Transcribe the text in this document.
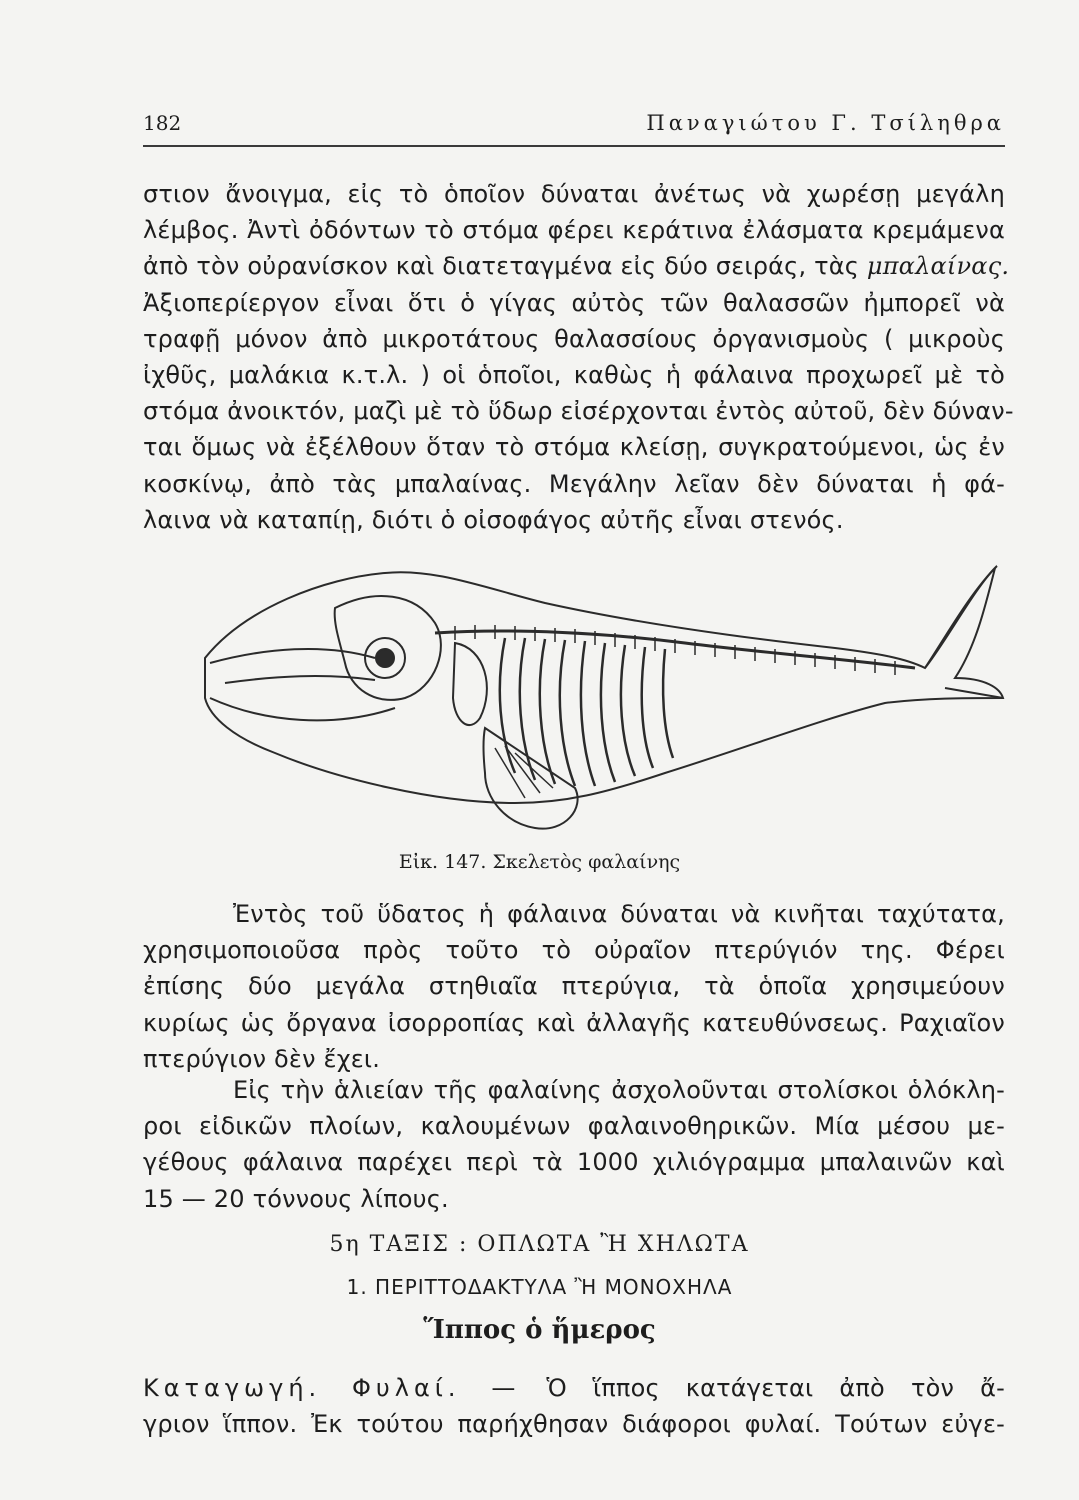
182	Παναγιώτου Γ. Τσίληθρα
στιον ἄνοιγμα, εἰς τὸ ὁποῖον δύναται ἀνέτως νὰ χωρέσῃ μεγάλη
λέμβος. Ἀντὶ ὀδόντων τὸ στόμα φέρει κεράτινα ἐλάσματα κρεμάμενα
ἀπὸ τὸν οὐρανίσκον καὶ διατεταγμένα εἰς δύο σειράς, τὰς μπαλαίνας.
Ἀξιοπερίεργον εἶναι ὅτι ὁ γίγας αὐτὸς τῶν θαλασσῶν ἠμπορεῖ νὰ
τραφῇ μόνον ἀπὸ μικροτάτους θαλασσίους ὀργανισμοὺς ( μικροὺς
ἰχθῦς, μαλάκια κ.τ.λ. ) οἱ ὁποῖοι, καθὼς ἡ φάλαινα προχωρεῖ μὲ τὸ
στόμα ἀνοικτόν, μαζὶ μὲ τὸ ὕδωρ εἰσέρχονται ἐντὸς αὐτοῦ, δὲν δύναν-
ται ὅμως νὰ ἐξέλθουν ὅταν τὸ στόμα κλείσῃ, συγκρατούμενοι, ὡς ἐν
κοσκίνῳ, ἀπὸ τὰς μπαλαίνας. Μεγάλην λεῖαν δὲν δύναται ἡ φά-
λαινα νὰ καταπίῃ, διότι ὁ οἰσοφάγος αὐτῆς εἶναι στενός.
Εἰκ. 147. Σκελετὸς φαλαίνης
Ἐντὸς τοῦ ὕδατος ἡ φάλαινα δύναται νὰ κινῆται ταχύτατα,
χρησιμοποιοῦσα πρὸς τοῦτο τὸ οὐραῖον πτερύγιόν της. Φέρει
ἐπίσης δύο μεγάλα στηθιαῖα πτερύγια, τὰ ὁποῖα χρησιμεύουν
κυρίως ὡς ὄργανα ἰσορροπίας καὶ ἀλλαγῆς κατευθύνσεως. Ραχιαῖον
πτερύγιον δὲν ἔχει.
Εἰς τὴν ἁλιείαν τῆς φαλαίνης ἀσχολοῦνται στολίσκοι ὁλόκλη-
ροι εἰδικῶν πλοίων, καλουμένων φαλαινοθηρικῶν. Μία μέσου με-
γέθους φάλαινα παρέχει περὶ τὰ 1000 χιλιόγραμμα μπαλαινῶν καὶ
15 — 20 τόννους λίπους.
5η ΤΑΞΙΣ : ΟΠΛΩΤΑ Ἢ ΧΗΛΩΤΑ
1. ΠΕΡΙΤΤΟΔΑΚΤΥΛΑ Ἢ ΜΟΝΟΧΗΛΑ
Ἵππος ὁ ἥμερος
Καταγωγή. Φυλαί. — Ὁ ἵππος κατάγεται ἀπὸ τὸν ἄ-
γριον ἵππον. Ἐκ τούτου παρήχθησαν διάφοροι φυλαί. Τούτων εὐγε-
